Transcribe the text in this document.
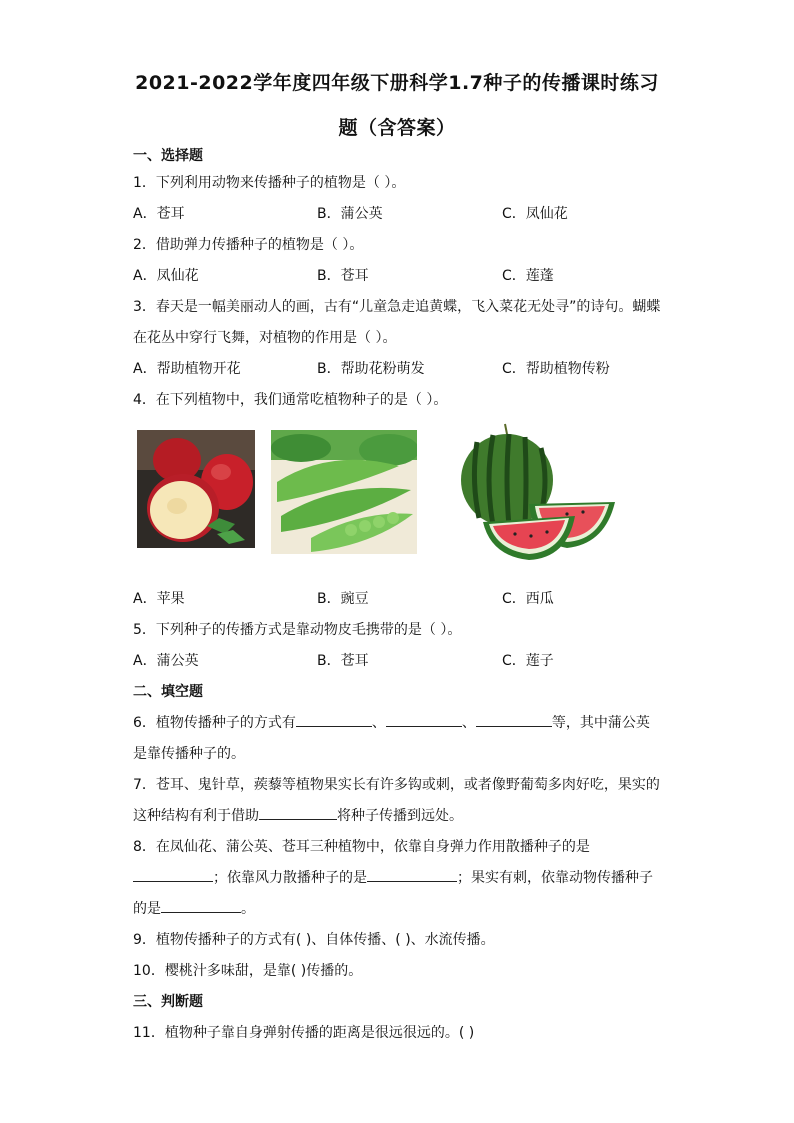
2021-2022学年度四年级下册科学1.7种子的传播课时练习
题（含答案）
一、选择题
1．下列利用动物来传播种子的植物是（ ）。
A．苍耳	B．蒲公英	C．凤仙花
2．借助弹力传播种子的植物是（ ）。
A．凤仙花	B．苍耳	C．莲蓬
3．春天是一幅美丽动人的画，古有“儿童急走追黄蝶，飞入菜花无处寻”的诗句。蝴蝶
在花丛中穿行飞舞，对植物的作用是（ ）。
A．帮助植物开花	B．帮助花粉萌发	C．帮助植物传粉
4．在下列植物中，我们通常吃植物种子的是（ ）。
A．苹果	B．豌豆	C．西瓜
5．下列种子的传播方式是靠动物皮毛携带的是（ ）。
A．蒲公英	B．苍耳	C．莲子
二、填空题
6．植物传播种子的方式有	、	、	等，其中蒲公英
是靠传播种子的。
7．苍耳、鬼针草，蒺藜等植物果实长有许多钩或刺，或者像野葡萄多肉好吃，果实的
这种结构有利于借助	将种子传播到远处。
8．在凤仙花、蒲公英、苍耳三种植物中，依靠自身弹力作用散播种子的是
；依靠风力散播种子的是	；果实有刺，依靠动物传播种子
的是	。
9．植物传播种子的方式有( )、自体传播、( )、水流传播。
10．樱桃汁多味甜，是靠( )传播的。
三、判断题
11．植物种子靠自身弹射传播的距离是很远很远的。( )
